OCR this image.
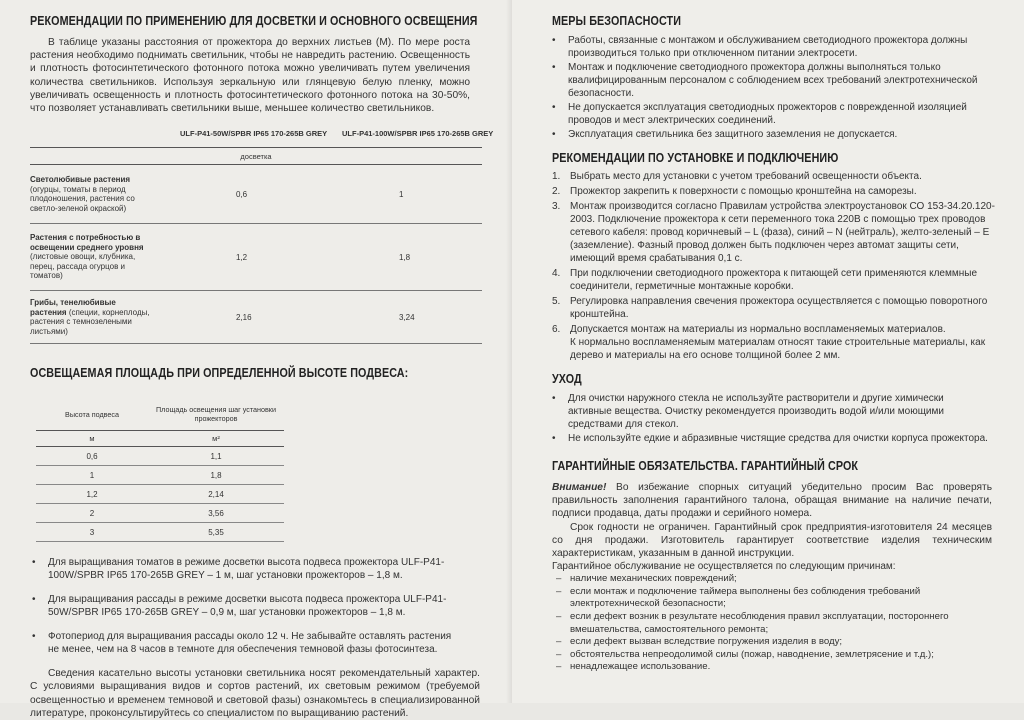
РЕКОМЕНДАЦИИ ПО ПРИМЕНЕНИЮ ДЛЯ ДОСВЕТКИ И ОСНОВНОГО ОСВЕЩЕНИЯ

В таблице указаны расстояния от прожектора до верхних листьев (М). По мере роста растения необходимо поднимать светильник, чтобы не навредить растению. Освещенность и плотность фотосинтетического фотонного потока можно увеличивать путем увеличения количества светильников. Используя зеркальную или глянцевую белую пленку, можно увеличивать освещенность и плотность фотосинтетического фотонного потока на 30-50%, что позволяет устанавливать светильники выше, меньшее количество светильников.

ULF-P41-50W/SPBR IP65 170-265В GREY ULF-P41-100W/SPBR IP65 170-265В GREY
досветка		
Светолюбивые растения (огурцы, томаты в период плодоношения, растения со светло-зеленой окраской)	0,6	1
Растения с потребностью в освещении среднего уровня (листовые овощи, клубника, перец, рассада огурцов и томатов)	1,2	1,8
Грибы, тенелюбивые растения (специи, корнеплоды, растения с темнозелеными листьями)	2,16	3,24
ОСВЕЩАЕМАЯ ПЛОЩАДЬ ПРИ ОПРЕДЕЛЕННОЙ ВЫСОТЕ ПОДВЕСА:
Высота подвеса	Площадь освещения шаг установки прожекторов
м	м²
0,6	1,1
1	1,8
1,2	2,14
2	3,56
3	5,35
• Для выращивания томатов в режиме досветки высота подвеса прожектора ULF-P41-100W/SPBR IP65 170-265В GREY – 1 м, шаг установки прожекторов – 1,8 м.
• Для выращивания рассады в режиме досветки высота подвеса прожектора ULF-P41-50W/SPBR IP65 170-265В GREY – 0,9 м, шаг установки прожекторов – 1,8 м.
• Фотопериод для выращивания рассады около 12 ч. Не забывайте оставлять растения не менее, чем на 8 часов в темноте для обеспечения темновой фазы фотосинтеза.

Сведения касательно высоты установки светильника носят рекомендательный характер. С условиями выращивания видов и сортов растений, их световым режимом (требуемой освещенностью и временем темновой и световой фазы) ознакомьтесь в специализированной литературе, проконсультируйтесь со специалистом по выращиванию растений.

МЕРЫ БЕЗОПАСНОСТИ
• Работы, связанные с монтажом и обслуживанием светодиодного прожектора должны производиться только при отключенном питании электросети.
• Монтаж и подключение светодиодного прожектора должны выполняться только квалифицированным персоналом с соблюдением всех требований электротехнической безопасности.
• Не допускается эксплуатация светодиодных прожекторов с поврежденной изоляцией проводов и мест электрических соединений.
• Эксплуатация светильника без защитного заземления не допускается.
РЕКОМЕНДАЦИИ ПО УСТАНОВКЕ И ПОДКЛЮЧЕНИЮ
1. Выбрать место для установки с учетом требований освещенности объекта.
2. Прожектор закрепить к поверхности с помощью кронштейна на саморезы.
3. Монтаж производится согласно Правилам устройства электроустановок СО 153-34.20.120-2003. Подключение прожектора к сети переменного тока 220В с помощью трех проводов сетевого кабеля: провод коричневый – L (фаза), синий – N (нейтраль), желто-зеленый – E (заземление). Фазный провод должен быть подключен через автомат защиты сети, имеющий время срабатывания 0,1 с.
4. При подключении светодиодного прожектора к питающей сети применяются клеммные соединители, герметичные монтажные коробки.
5. Регулировка направления свечения прожектора осуществляется с помощью поворотного кронштейна.
6. Допускается монтаж на материалы из нормально воспламеняемых материалов.
К нормально воспламеняемым материалам относят такие строительные материалы, как дерево и материалы на его основе толщиной более 2 мм.
УХОД
• Для очистки наружного стекла не используйте растворители и другие химически активные вещества. Очистку рекомендуется производить водой и/или моющими средствами для стекол.
• Не используйте едкие и абразивные чистящие средства для очистки корпуса прожектора.
ГАРАНТИЙНЫЕ ОБЯЗАТЕЛЬСТВА. ГАРАНТИЙНЫЙ СРОК

Внимание! Во избежание спорных ситуаций убедительно просим Вас проверять правильность заполнения гарантийного талона, обращая внимание на наличие печати, подписи продавца, даты продажи и серийного номера.

Срок годности не ограничен. Гарантийный срок предприятия-изготовителя 24 месяцев со дня продажи. Изготовитель гарантирует соответствие изделия техническим характеристикам, указанным в данной инструкции.

Гарантийное обслуживание не осуществляется по следующим причинам:
– наличие механических повреждений;
– если монтаж и подключение таймера выполнены без соблюдения требований электротехнической безопасности;
– если дефект возник в результате несоблюдения правил эксплуатации, постороннего вмешательства, самостоятельного ремонта;
– если дефект вызван вследствие погружения изделия в воду;
– обстоятельства непреодолимой силы (пожар, наводнение, землетрясение и т.д.);
– ненадлежащее использование.
